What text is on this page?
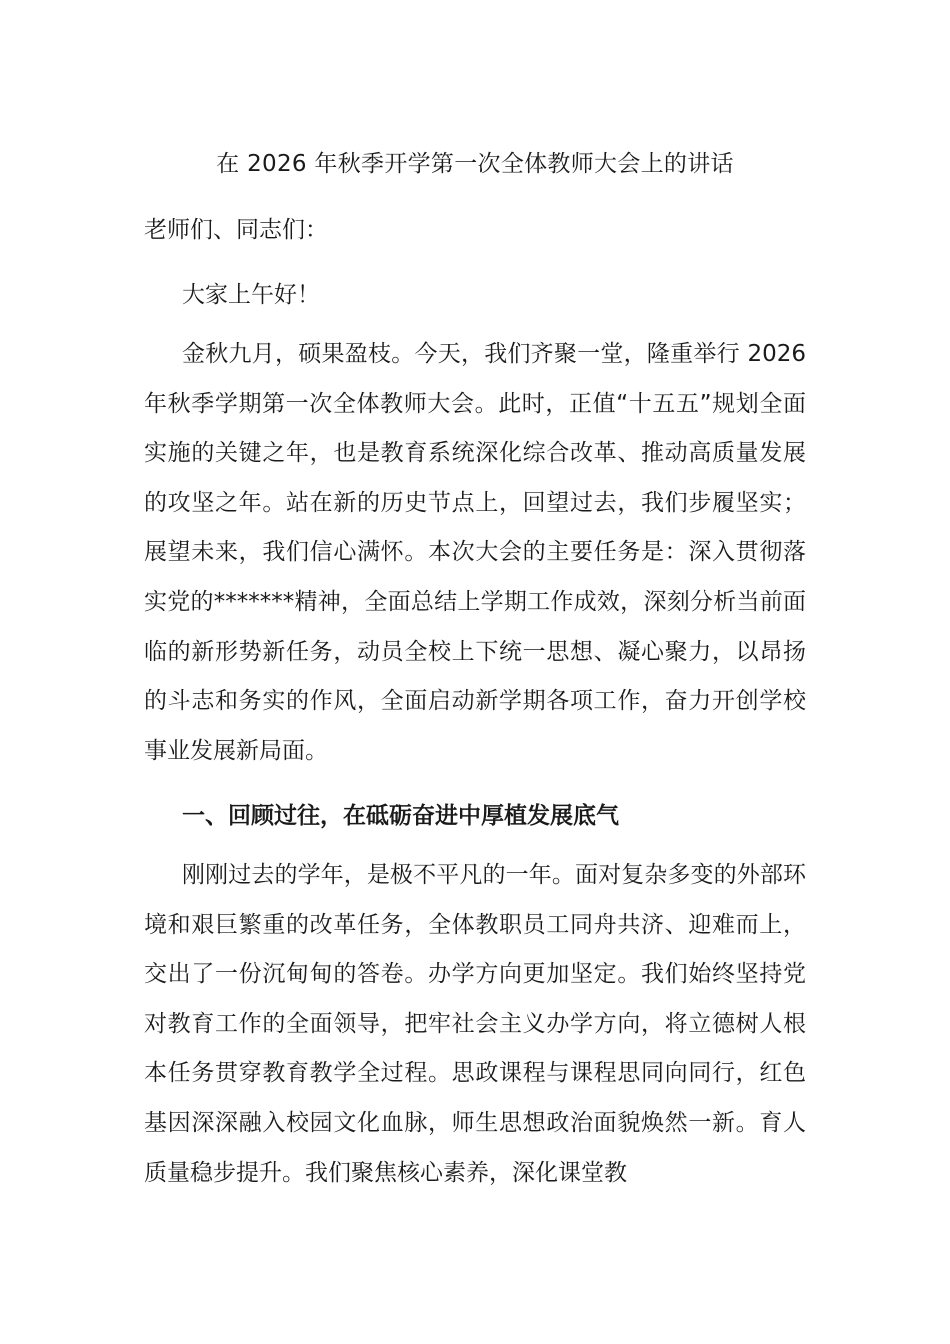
在 2026 年秋季开学第一次全体教师大会上的讲话

老师们、同志们：

大家上午好！

金秋九月，硕果盈枝。今天，我们齐聚一堂，隆重举行 2026 年秋季学期第一次全体教师大会。此时，正值“十五五”规划全面实施的关键之年，也是教育系统深化综合改革、推动高质量发展的攻坚之年。站在新的历史节点上，回望过去，我们步履坚实；展望未来，我们信心满怀。本次大会的主要任务是：深入贯彻落实党的*******精神，全面总结上学期工作成效，深刻分析当前面临的新形势新任务，动员全校上下统一思想、凝心聚力，以昂扬的斗志和务实的作风，全面启动新学期各项工作，奋力开创学校事业发展新局面。

一、回顾过往，在砥砺奋进中厚植发展底气

刚刚过去的学年，是极不平凡的一年。面对复杂多变的外部环境和艰巨繁重的改革任务，全体教职员工同舟共济、迎难而上，交出了一份沉甸甸的答卷。办学方向更加坚定。我们始终坚持党对教育工作的全面领导，把牢社会主义办学方向，将立德树人根本任务贯穿教育教学全过程。思政课程与课程思同向同行，红色基因深深融入校园文化血脉，师生思想政治面貌焕然一新。育人质量稳步提升。我们聚焦核心素养，深化课堂教
